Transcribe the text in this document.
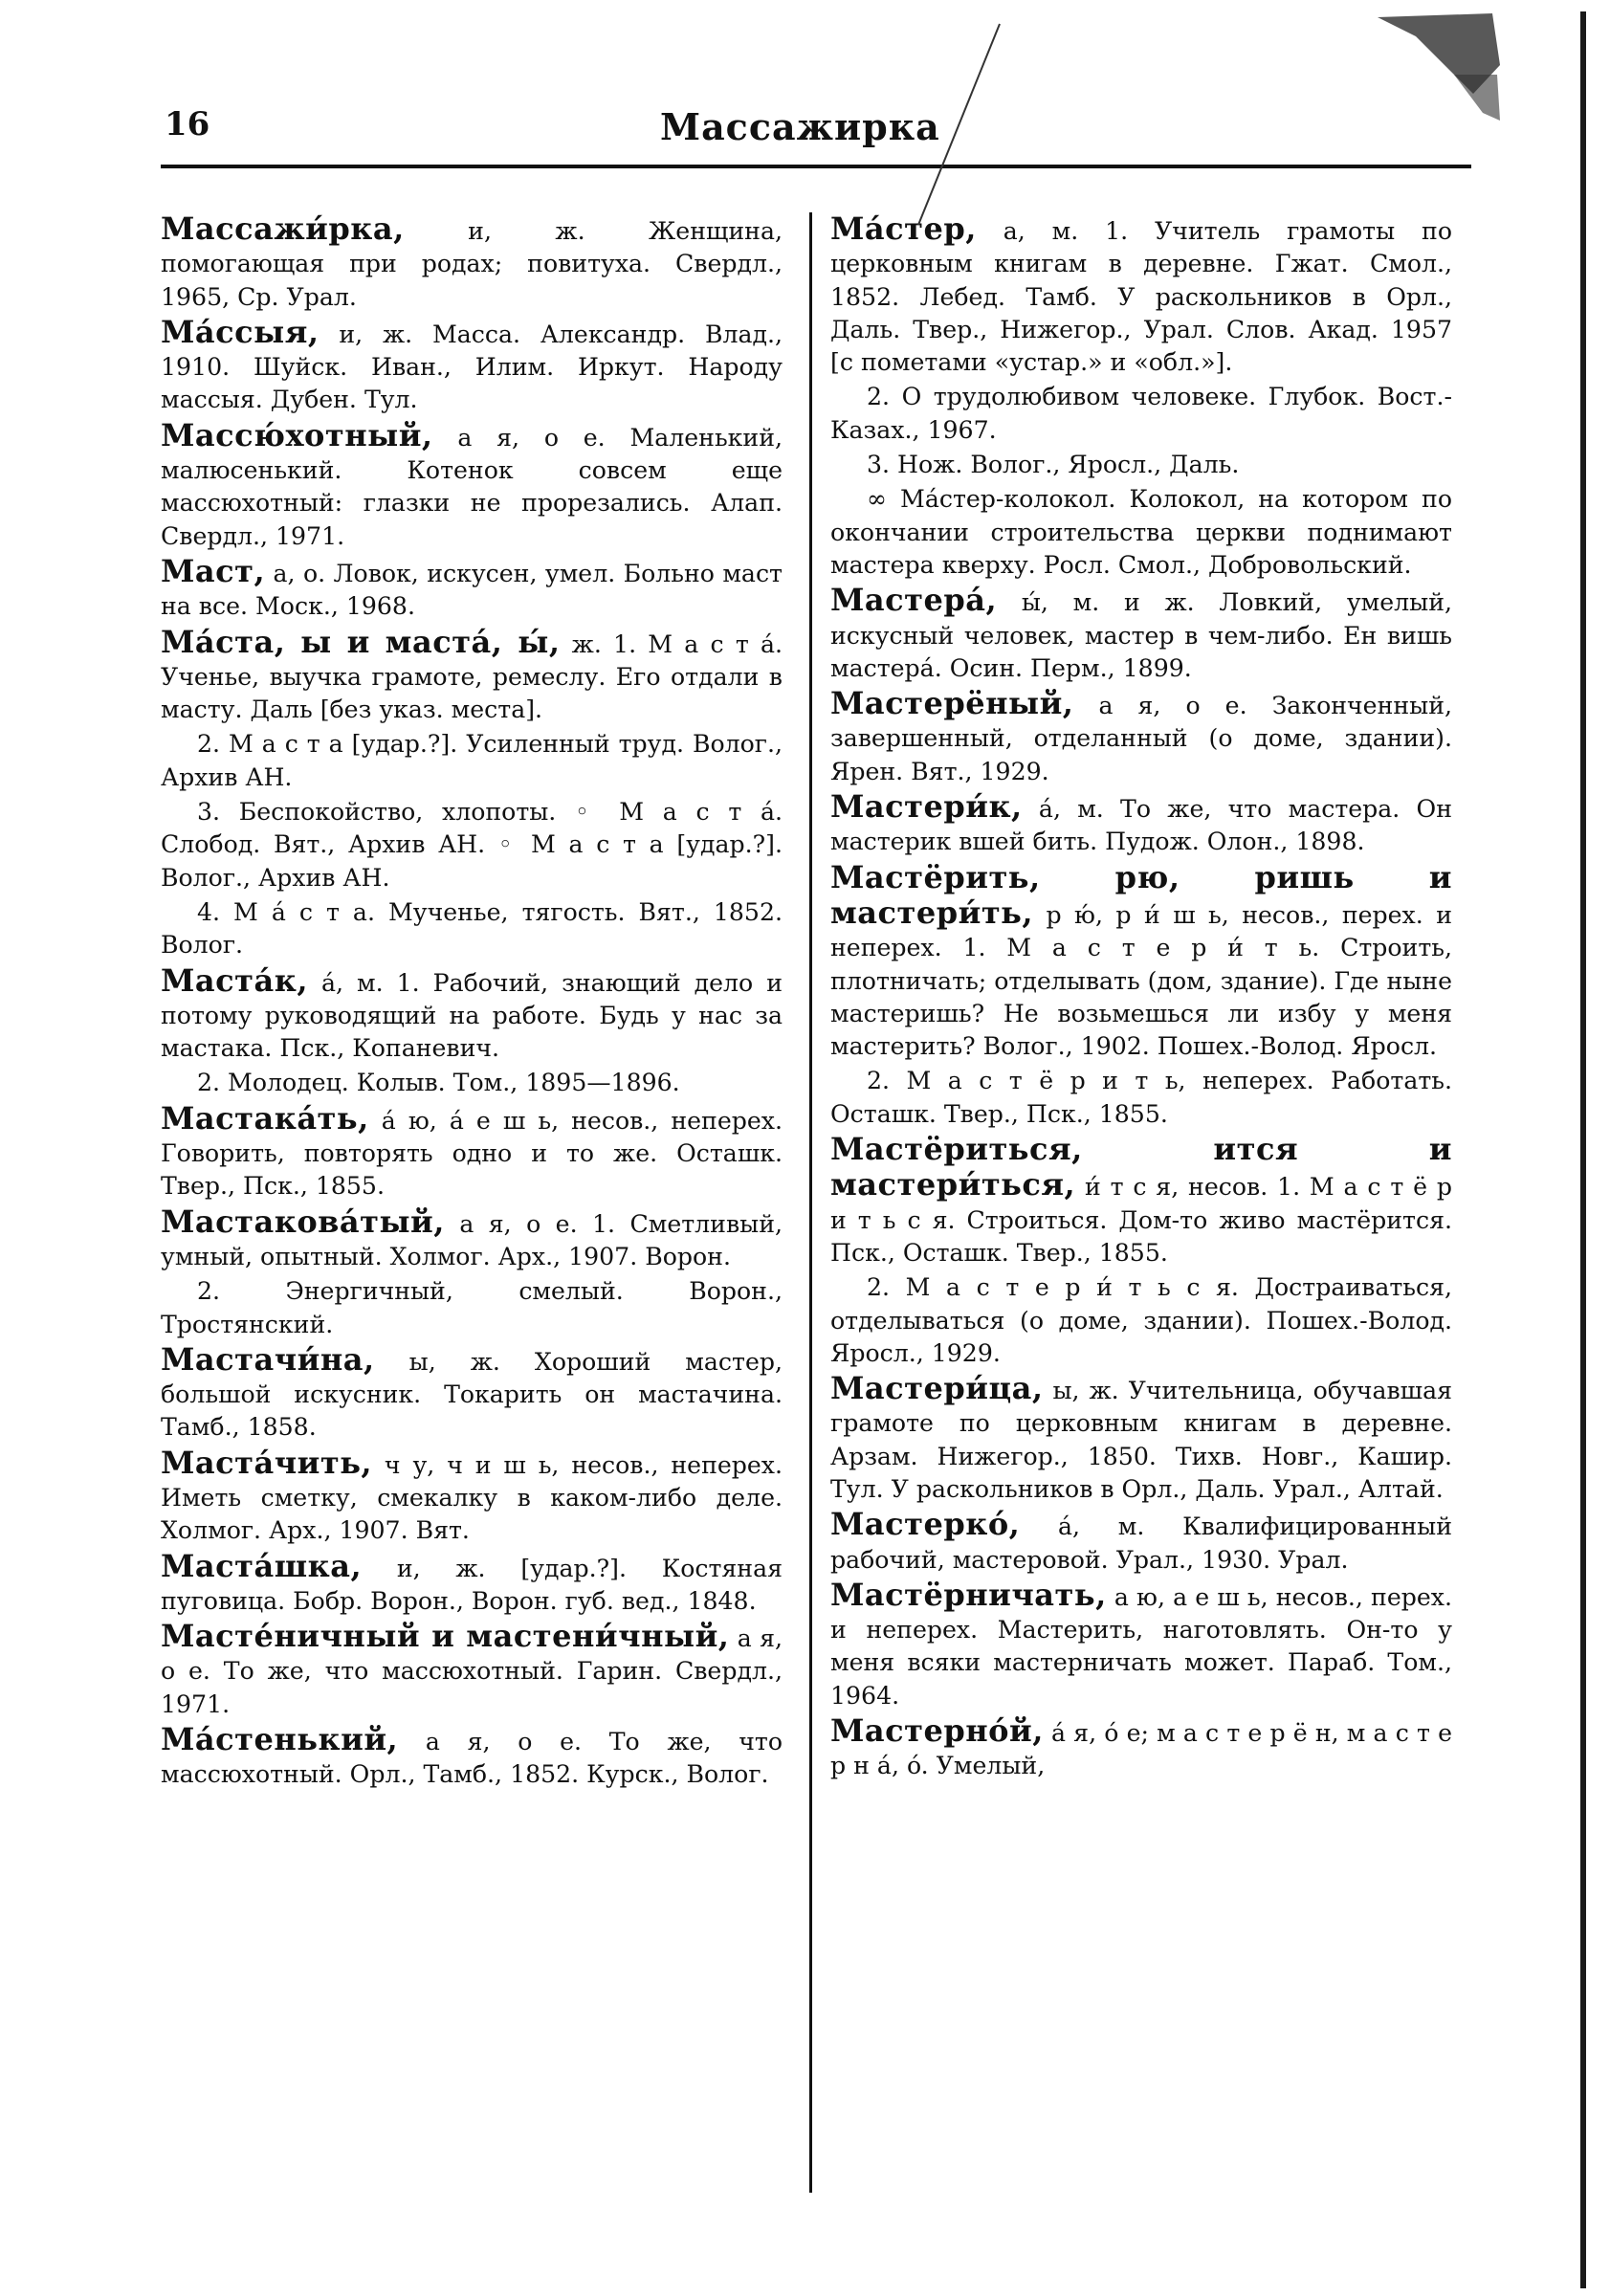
16	Массажирка

Массажи́рка, и, ж. Женщина, помогающая при родах; повитуха. Свердл., 1965, Ср. Урал.

Ма́ссыя, и, ж. Масса. Александр. Влад., 1910. Шуйск. Иван., Илим. Иркут. Народу массыя. Дубен. Тул.

Массю́хотный, а я, о е. Маленький, малюсенький. Котенок совсем еще массюхотный: глазки не прорезались. Алап. Свердл., 1971.

Маст, а, о. Ловок, искусен, умел. Больно маст на все. Моск., 1968.

Ма́ста, ы и маста́, ы́, ж. 1. М а с т а́. Ученье, выучка грамоте, ремеслу. Его отдали в масту. Даль [без указ. места].

2. М а с т а [удар.?]. Усиленный труд. Волог., Архив АН.

3. Беспокойство, хлопоты. ◦ М а с т а́. Слобод. Вят., Архив АН. ◦ М а с т а [удар.?]. Волог., Архив АН.

4. М а́ с т а. Мученье, тягость. Вят., 1852. Волог.

Маста́к, а́, м. 1. Рабочий, знающий дело и потому руководящий на работе. Будь у нас за мастака. Пск., Копаневич.

2. Молодец. Колыв. Том., 1895—1896.

Мастака́ть, а́ ю, а́ е ш ь, несов., неперех. Говорить, повторять одно и то же. Осташк. Твер., Пск., 1855.

Мастакова́тый, а я, о е. 1. Сметливый, умный, опытный. Холмог. Арх., 1907. Ворон.

2. Энергичный, смелый. Ворон., Тростянский.

Мастачи́на, ы, ж. Хороший мастер, большой искусник. Токарить он мастачина. Тамб., 1858.

Маста́чить, ч у, ч и ш ь, несов., неперех. Иметь сметку, смекалку в каком-либо деле. Холмог. Арх., 1907. Вят.

Мастáшка, и, ж. [удар.?]. Костяная пуговица. Бобр. Ворон., Ворон. губ. вед., 1848.

Масте́ничный и мастени́чный, а я, о е. То же, что массюхотный. Гарин. Свердл., 1971.

Ма́стенький, а я, о е. То же, что массюхотный. Орл., Тамб., 1852. Курск., Волог.

Ма́стер, а, м. 1. Учитель грамоты по церковным книгам в деревне. Гжат. Смол., 1852. Лебед. Тамб. У раскольников в Орл., Даль. Твер., Нижегор., Урал. Слов. Акад. 1957 [с пометами «устар.» и «обл.»].

2. О трудолюбивом человеке. Глубок. Вост.-Казах., 1967.

3. Нож. Волог., Яросл., Даль.

∞ Ма́стер-колокол. Колокол, на котором по окончании строительства церкви поднимают мастера кверху. Росл. Смол., Добровольский.

Мастера́, ы́, м. и ж. Ловкий, умелый, искусный человек, мастер в чем-либо. Ен вишь мастерá. Осин. Перм., 1899.

Мастерёный, а я, о е. Законченный, завершенный, отделанный (о доме, здании). Ярен. Вят., 1929.

Мастери́к, а́, м. То же, что мастера. Он мастерик вшей бить. Пудож. Олон., 1898.

Мастёрить, рю, ришь и мастери́ть, р ю́, р и́ ш ь, несов., перех. и неперех. 1. М а с т е р и́ т ь. Строить, плотничать; отделывать (дом, здание). Где ныне мастеришь? Не возьмешься ли избу у меня мастерить? Волог., 1902. Пошех.-Волод. Яросл.

2. М а с т ё р и т ь, неперех. Работать. Осташк. Твер., Пск., 1855.

Мастёриться, ится и мастери́ться, и́ т с я, несов. 1. М а с т ё р и т ь с я. Строиться. Дом-то живо мастёрится. Пск., Осташк. Твер., 1855.

2. М а с т е р и́ т ь с я. Достраиваться, отделываться (о доме, здании). Пошех.-Волод. Яросл., 1929.

Мастери́ца, ы, ж. Учительница, обучавшая грамоте по церковным книгам в деревне. Арзам. Нижегор., 1850. Тихв. Новг., Кашир. Тул. У раскольников в Орл., Даль. Урал., Алтай.

Мастеркó, á, м. Квалифицированный рабочий, мастеровой. Урал., 1930. Урал.

Мастёрничать, а ю, а е ш ь, несов., перех. и неперех. Мастерить, наготовлять. Он-то у меня всяки мастерничать может. Параб. Том., 1964.

Мастерно́й, а́ я, ó е; м а с т е р ё н, м а с т е р н á, ó. Умелый,
